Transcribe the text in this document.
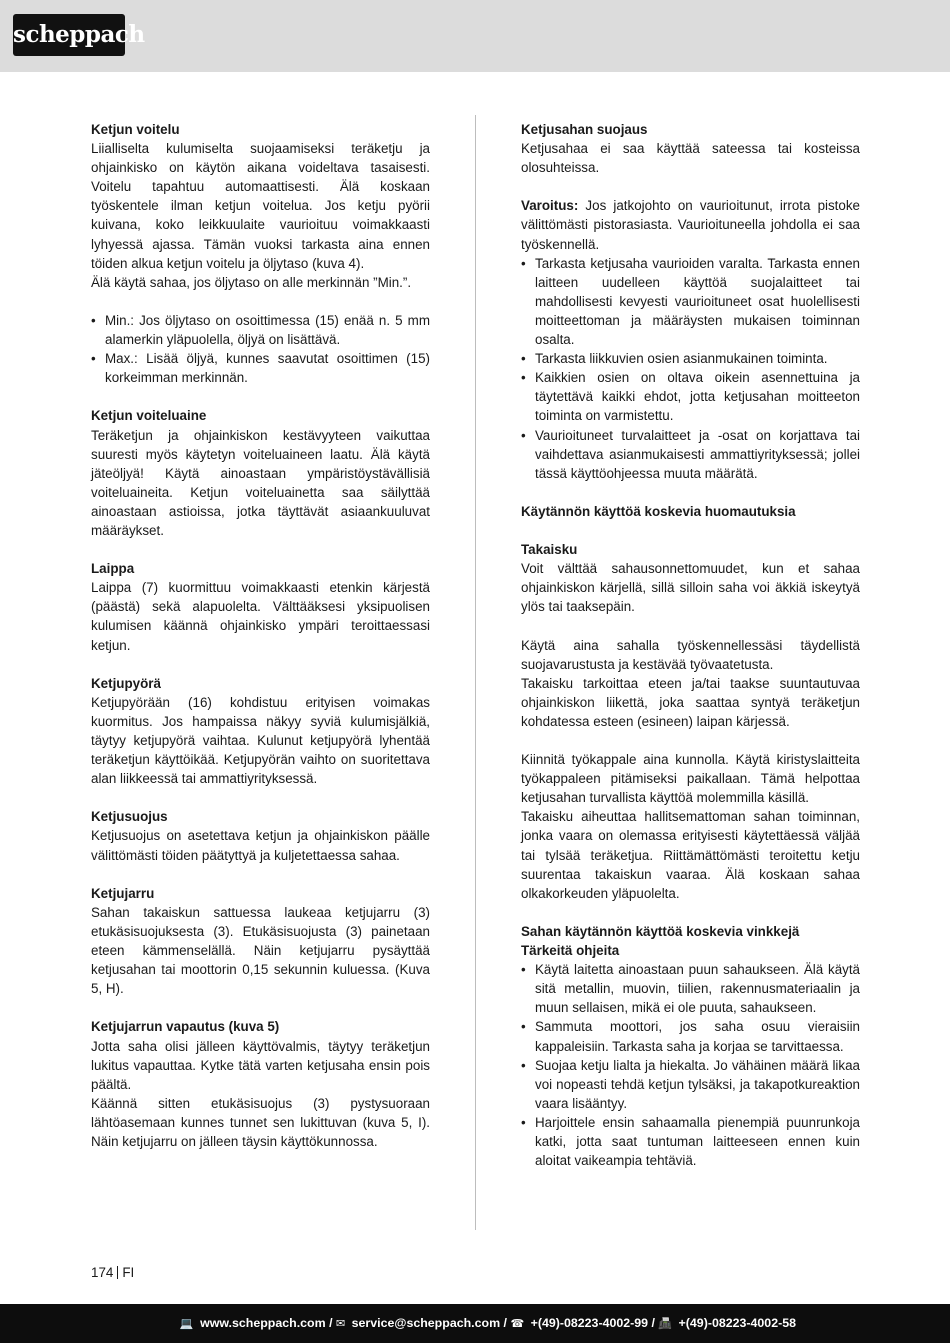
scheppach
Ketjun voitelu

Liialliselta kulumiselta suojaamiseksi teräketju ja ohjainkisko on käytön aikana voideltava tasaisesti. Voitelu tapahtuu automaattisesti. Älä koskaan työskentele ilman ketjun voitelua. Jos ketju pyörii kuivana, koko leikkuulaite vaurioituu voimakkaasti lyhyessä ajassa. Tämän vuoksi tarkasta aina ennen töiden alkua ketjun voitelu ja öljytaso (kuva 4).

Älä käytä sahaa, jos öljytaso on alle merkinnän ”Min.”.

• Min.: Jos öljytaso on osoittimessa (15) enää n. 5 mm alamerkin yläpuolella, öljyä on lisättävä.
• Max.: Lisää öljyä, kunnes saavutat osoittimen (15) korkeimman merkinnän.
Ketjun voiteluaine

Teräketjun ja ohjainkiskon kestävyyteen vaikuttaa suuresti myös käytetyn voiteluaineen laatu. Älä käytä jäteöljyä! Käytä ainoastaan ympäristöystävällisiä voiteluaineita. Ketjun voiteluainetta saa säilyttää ainoastaan astioissa, jotka täyttävät asiaankuuluvat määräykset.

Laippa

Laippa (7) kuormittuu voimakkaasti etenkin kärjestä (päästä) sekä alapuolelta. Välttääksesi yksipuolisen kulumisen käännä ohjainkisko ympäri teroittaessasi ketjun.

Ketjupyörä

Ketjupyörään (16) kohdistuu erityisen voimakas kuormitus. Jos hampaissa näkyy syviä kulumisjälkiä, täytyy ketjupyörä vaihtaa. Kulunut ketjupyörä lyhentää teräketjun käyttöikää. Ketjupyörän vaihto on suoritettava alan liikkeessä tai ammattiyrityksessä.

Ketjusuojus

Ketjusuojus on asetettava ketjun ja ohjainkiskon päälle välittömästi töiden päätyttyä ja kuljetettaessa sahaa.

Ketjujarru

Sahan takaiskun sattuessa laukeaa ketjujarru (3) etukäsisuojuksesta (3). Etukäsisuojusta (3) painetaan eteen kämmenselällä. Näin ketjujarru pysäyttää ketjusahan tai moottorin 0,15 sekunnin kuluessa. (Kuva 5, H).

Ketjujarrun vapautus (kuva 5)

Jotta saha olisi jälleen käyttövalmis, täytyy teräketjun lukitus vapauttaa. Kytke tätä varten ketjusaha ensin pois päältä.

Käännä sitten etukäsisuojus (3) pystysuoraan lähtöasemaan kunnes tunnet sen lukittuvan (kuva 5, I). Näin ketjujarru on jälleen täysin käyttökunnossa.

Ketjusahan suojaus

Ketjusahaa ei saa käyttää sateessa tai kosteissa olosuhteissa.

Varoitus: Jos jatkojohto on vaurioitunut, irrota pistoke välittömästi pistorasiasta. Vaurioituneella johdolla ei saa työskennellä.

• Tarkasta ketjusaha vaurioiden varalta. Tarkasta ennen laitteen uudelleen käyttöä suojalaitteet tai mahdollisesti kevyesti vaurioituneet osat huolellisesti moitteettoman ja määräysten mukaisen toiminnan osalta.
• Tarkasta liikkuvien osien asianmukainen toiminta.
• Kaikkien osien on oltava oikein asennettuina ja täytettävä kaikki ehdot, jotta ketjusahan moitteeton toiminta on varmistettu.
• Vaurioituneet turvalaitteet ja -osat on korjattava tai vaihdettava asianmukaisesti ammattiyrityksessä; jollei tässä käyttöohjeessa muuta määrätä.
Käytännön käyttöä koskevia huomautuksia
Takaisku

Voit välttää sahausonnettomuudet, kun et sahaa ohjainkiskon kärjellä, sillä silloin saha voi äkkiä iskeytyä ylös tai taaksepäin.

Käytä aina sahalla työskennellessäsi täydellistä suojavarustusta ja kestävää työvaatetusta.

Takaisku tarkoittaa eteen ja/tai taakse suuntautuvaa ohjainkiskon liikettä, joka saattaa syntyä teräketjun kohdatessa esteen (esineen) laipan kärjessä.

Kiinnitä työkappale aina kunnolla. Käytä kiristyslaitteita työkappaleen pitämiseksi paikallaan. Tämä helpottaa ketjusahan turvallista käyttöä molemmilla käsillä.

Takaisku aiheuttaa hallitsemattoman sahan toiminnan, jonka vaara on olemassa erityisesti käytettäessä väljää tai tylsää teräketjua. Riittämättömästi teroitettu ketju suurentaa takaiskun vaaraa. Älä koskaan sahaa olkakorkeuden yläpuolelta.

Sahan käytännön käyttöä koskevia vinkkejä
Tärkeitä ohjeita
• Käytä laitetta ainoastaan puun sahaukseen. Älä käytä sitä metallin, muovin, tiilien, rakennusmateriaalin ja muun sellaisen, mikä ei ole puuta, sahaukseen.
• Sammuta moottori, jos saha osuu vieraisiin kappaleisiin. Tarkasta saha ja korjaa se tarvittaessa.
• Suojaa ketju lialta ja hiekalta. Jo vähäinen määrä likaa voi nopeasti tehdä ketjun tylsäksi, ja takapotkureaktion vaara lisääntyy.
• Harjoittele ensin sahaamalla pienempiä puunrunkoja katki, jotta saat tuntuman laitteeseen ennen kuin aloitat vaikeampia tehtäviä.
174 FI
💻 www.scheppach.com / ✉ service@scheppach.com / ☎ +(49)-08223-4002-99 / 📠 +(49)-08223-4002-58
